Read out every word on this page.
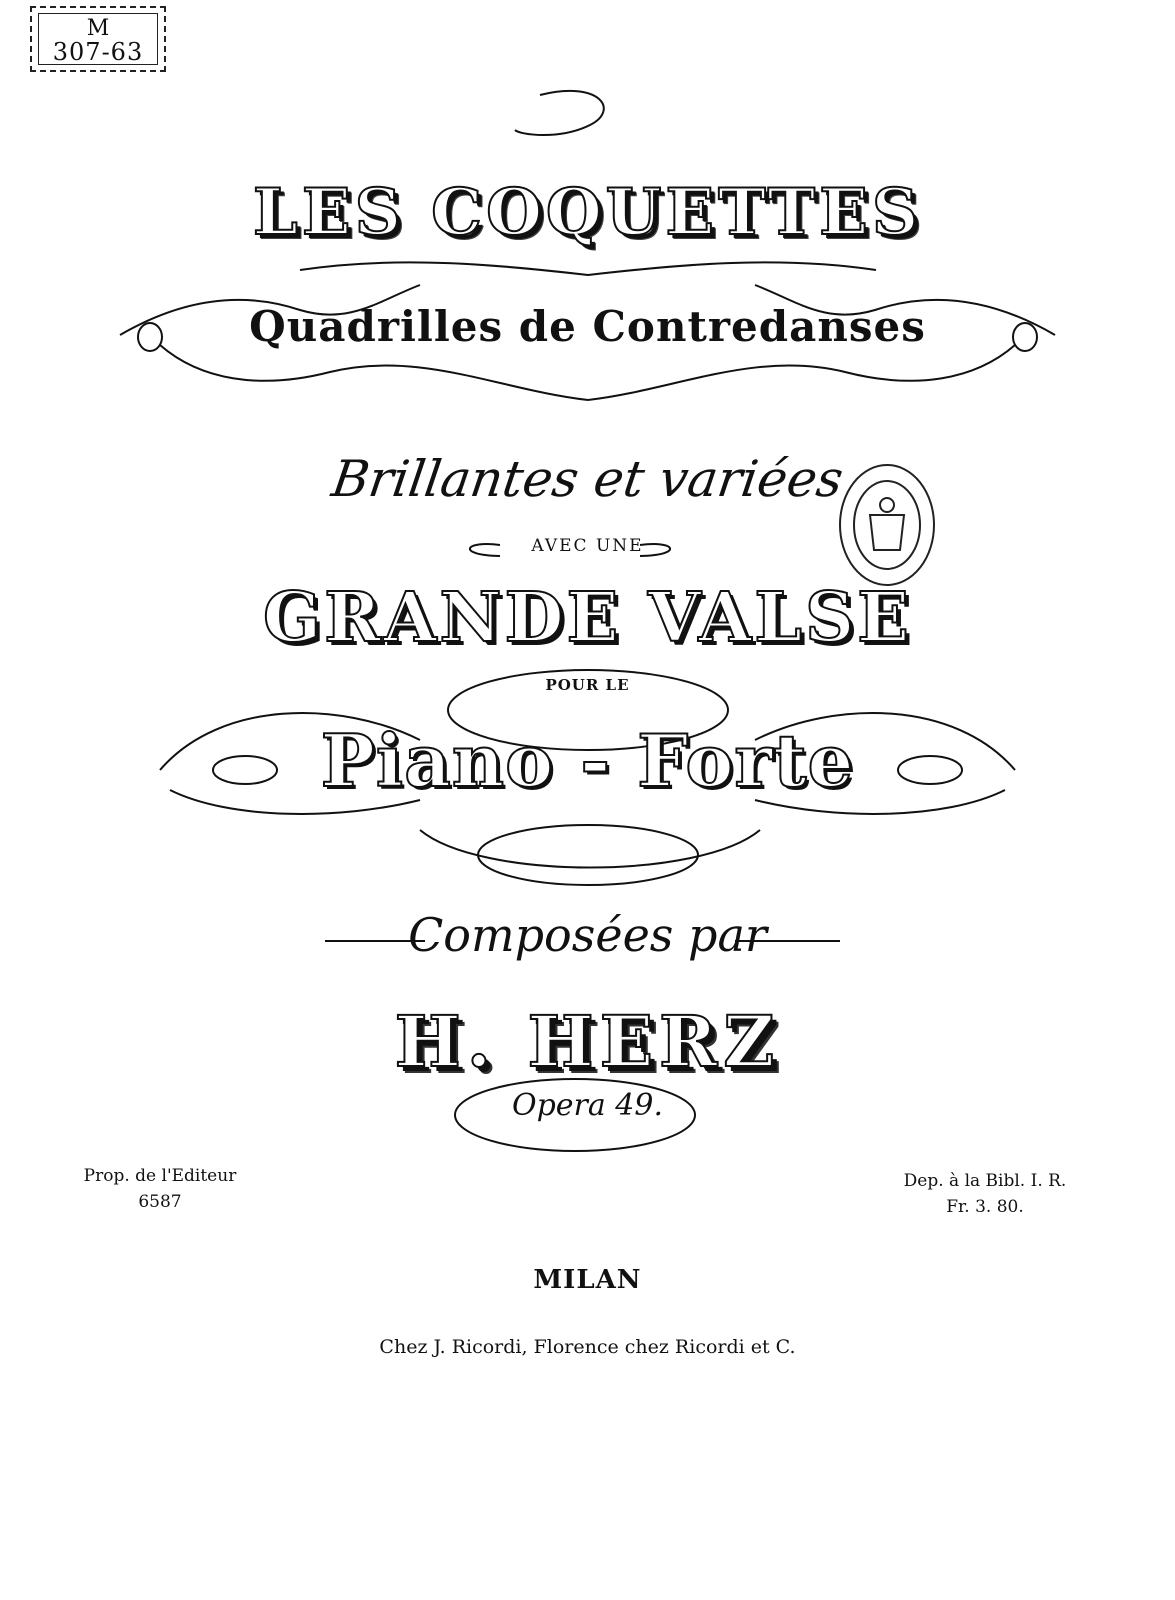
M
307-63
LES COQUETTES
Quadrilles de Contredanses
Brillantes et variées
AVEC UNE
GRANDE VALSE
POUR LE
Piano - Forte
Composées par
H. HERZ
Opera 49.
Prop. de l'Editeur
6587
Dep. à la Bibl. I. R.
Fr. 3. 80.
MILAN
Chez J. Ricordi, Florence chez Ricordi et C.
